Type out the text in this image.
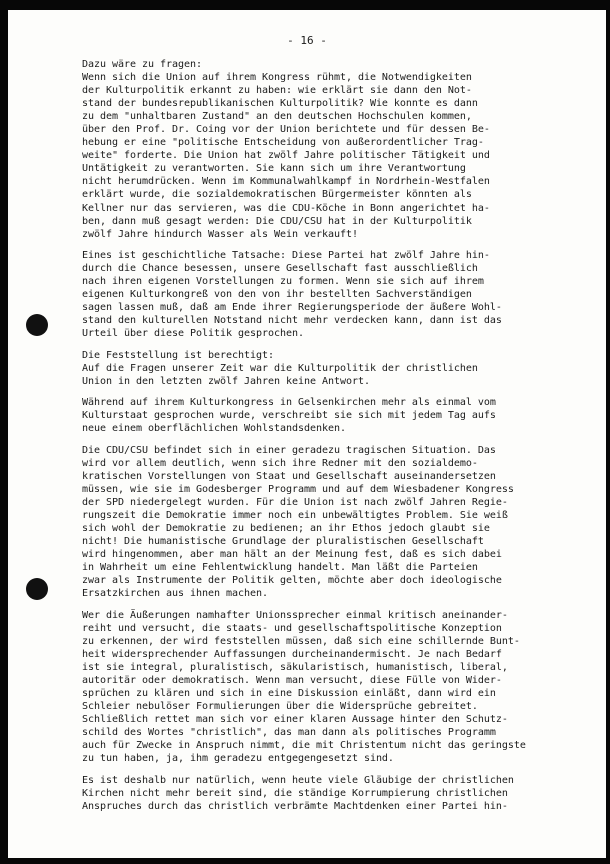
- 16 -
Dazu wäre zu fragen:
Wenn sich die Union auf ihrem Kongress rühmt, die Notwendigkeiten
der Kulturpolitik erkannt zu haben: wie erklärt sie dann den Not-
stand der bundesrepublikanischen Kulturpolitik? Wie konnte es dann
zu dem "unhaltbaren Zustand" an den deutschen Hochschulen kommen,
über den Prof. Dr. Coing vor der Union berichtete und für dessen Be-
hebung er eine "politische Entscheidung von außerordentlicher Trag-
weite" forderte. Die Union hat zwölf Jahre politischer Tätigkeit und
Untätigkeit zu verantworten. Sie kann sich um ihre Verantwortung
nicht herumdrücken. Wenn im Kommunalwahlkampf in Nordrhein-Westfalen
erklärt wurde, die sozialdemokratischen Bürgermeister könnten als
Kellner nur das servieren, was die CDU-Köche in Bonn angerichtet ha-
ben, dann muß gesagt werden: Die CDU/CSU hat in der Kulturpolitik
zwölf Jahre hindurch Wasser als Wein verkauft!
Eines ist geschichtliche Tatsache: Diese Partei hat zwölf Jahre hin-
durch die Chance besessen, unsere Gesellschaft fast ausschließlich
nach ihren eigenen Vorstellungen zu formen. Wenn sie sich auf ihrem
eigenen Kulturkongreß von den von ihr bestellten Sachverständigen
sagen lassen muß, daß am Ende ihrer Regierungsperiode der äußere Wohl-
stand den kulturellen Notstand nicht mehr verdecken kann, dann ist das
Urteil über diese Politik gesprochen.
Die Feststellung ist berechtigt:
Auf die Fragen unserer Zeit war die Kulturpolitik der christlichen
Union in den letzten zwölf Jahren keine Antwort.
Während auf ihrem Kulturkongress in Gelsenkirchen mehr als einmal vom
Kulturstaat gesprochen wurde, verschreibt sie sich mit jedem Tag aufs
neue einem oberflächlichen Wohlstandsdenken.
Die CDU/CSU befindet sich in einer geradezu tragischen Situation. Das
wird vor allem deutlich, wenn sich ihre Redner mit den sozialdemo-
kratischen Vorstellungen von Staat und Gesellschaft auseinandersetzen
müssen, wie sie im Godesberger Programm und auf dem Wiesbadener Kongress
der SPD niedergelegt wurden. Für die Union ist nach zwölf Jahren Regie-
rungszeit die Demokratie immer noch ein unbewältigtes Problem. Sie weiß
sich wohl der Demokratie zu bedienen; an ihr Ethos jedoch glaubt sie
nicht! Die humanistische Grundlage der pluralistischen Gesellschaft
wird hingenommen, aber man hält an der Meinung fest, daß es sich dabei
in Wahrheit um eine Fehlentwicklung handelt. Man läßt die Parteien
zwar als Instrumente der Politik gelten, möchte aber doch ideologische
Ersatzkirchen aus ihnen machen.
Wer die Äußerungen namhafter Unionssprecher einmal kritisch aneinander-
reiht und versucht, die staats- und gesellschaftspolitische Konzeption
zu erkennen, der wird feststellen müssen, daß sich eine schillernde Bunt-
heit widersprechender Auffassungen durcheinandermischt. Je nach Bedarf
ist sie integral, pluralistisch, säkularistisch, humanistisch, liberal,
autoritär oder demokratisch. Wenn man versucht, diese Fülle von Wider-
sprüchen zu klären und sich in eine Diskussion einläßt, dann wird ein
Schleier nebulöser Formulierungen über die Widersprüche gebreitet.
Schließlich rettet man sich vor einer klaren Aussage hinter den Schutz-
schild des Wortes "christlich", das man dann als politisches Programm
auch für Zwecke in Anspruch nimmt, die mit Christentum nicht das geringste
zu tun haben, ja, ihm geradezu entgegengesetzt sind.
Es ist deshalb nur natürlich, wenn heute viele Gläubige der christlichen
Kirchen nicht mehr bereit sind, die ständige Korrumpierung christlichen
Anspruches durch das christlich verbrämte Machtdenken einer Partei hin-
